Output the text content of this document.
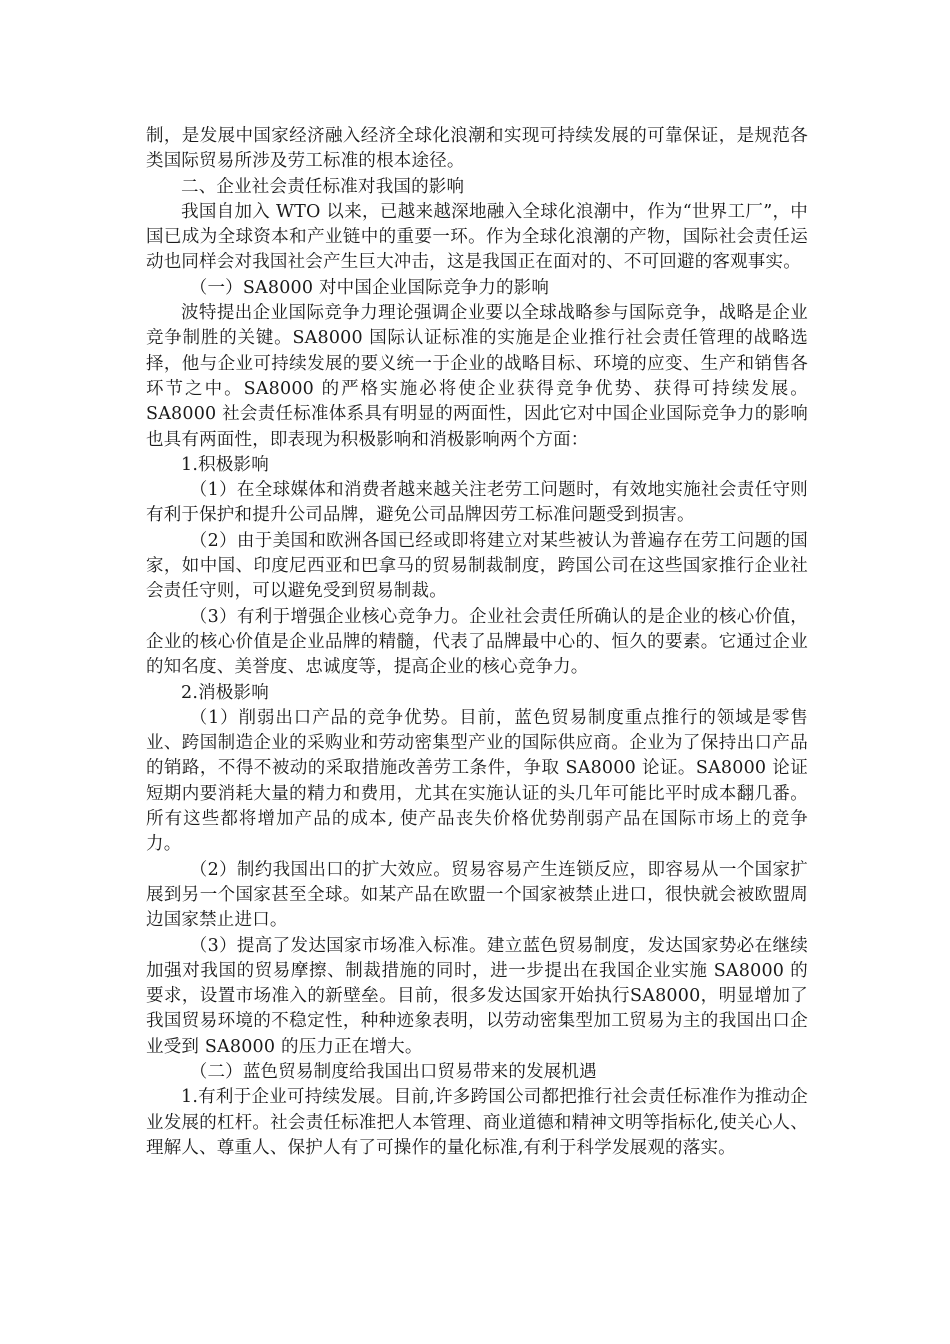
制，是发展中国家经济融入经济全球化浪潮和实现可持续发展的可靠保证，是规范各类国际贸易所涉及劳工标准的根本途径。

二、企业社会责任标准对我国的影响

我国自加入 WTO 以来，已越来越深地融入全球化浪潮中，作为“世界工厂”，中国已成为全球资本和产业链中的重要一环。作为全球化浪潮的产物，国际社会责任运动也同样会对我国社会产生巨大冲击，这是我国正在面对的、不可回避的客观事实。

（一）SA8000 对中国企业国际竞争力的影响

波特提出企业国际竞争力理论强调企业要以全球战略参与国际竞争，战略是企业竞争制胜的关键。SA8000 国际认证标准的实施是企业推行社会责任管理的战略选择，他与企业可持续发展的要义统一于企业的战略目标、环境的应变、生产和销售各环节之中。SA8000 的严格实施必将使企业获得竞争优势、获得可持续发展。SA8000 社会责任标准体系具有明显的两面性，因此它对中国企业国际竞争力的影响也具有两面性，即表现为积极影响和消极影响两个方面：

1.积极影响

（1）在全球媒体和消费者越来越关注老劳工问题时，有效地实施社会责任守则有利于保护和提升公司品牌，避免公司品牌因劳工标准问题受到损害。

（2）由于美国和欧洲各国已经或即将建立对某些被认为普遍存在劳工问题的国家，如中国、印度尼西亚和巴拿马的贸易制裁制度，跨国公司在这些国家推行企业社会责任守则，可以避免受到贸易制裁。

（3）有利于增强企业核心竞争力。企业社会责任所确认的是企业的核心价值，企业的核心价值是企业品牌的精髓，代表了品牌最中心的、恒久的要素。它通过企业的知名度、美誉度、忠诚度等，提高企业的核心竞争力。

2.消极影响

（1）削弱出口产品的竞争优势。目前，蓝色贸易制度重点推行的领域是零售业、跨国制造企业的采购业和劳动密集型产业的国际供应商。企业为了保持出口产品的销路，不得不被动的采取措施改善劳工条件，争取 SA8000 论证。SA8000 论证短期内要消耗大量的精力和费用，尤其在实施认证的头几年可能比平时成本翻几番。所有这些都将增加产品的成本, 使产品丧失价格优势削弱产品在国际市场上的竞争力。

（2）制约我国出口的扩大效应。贸易容易产生连锁反应，即容易从一个国家扩展到另一个国家甚至全球。如某产品在欧盟一个国家被禁止进口，很快就会被欧盟周边国家禁止进口。

（3）提高了发达国家市场准入标准。建立蓝色贸易制度，发达国家势必在继续加强对我国的贸易摩擦、制裁措施的同时，进一步提出在我国企业实施 SA8000 的要求，设置市场准入的新壁垒。目前，很多发达国家开始执行SA8000，明显增加了我国贸易环境的不稳定性，种种迹象表明，以劳动密集型加工贸易为主的我国出口企业受到 SA8000 的压力正在增大。

（二）蓝色贸易制度给我国出口贸易带来的发展机遇

1.有利于企业可持续发展。目前,许多跨国公司都把推行社会责任标准作为推动企业发展的杠杆。社会责任标准把人本管理、商业道德和精神文明等指标化,使关心人、理解人、尊重人、保护人有了可操作的量化标准,有利于科学发展观的落实。
